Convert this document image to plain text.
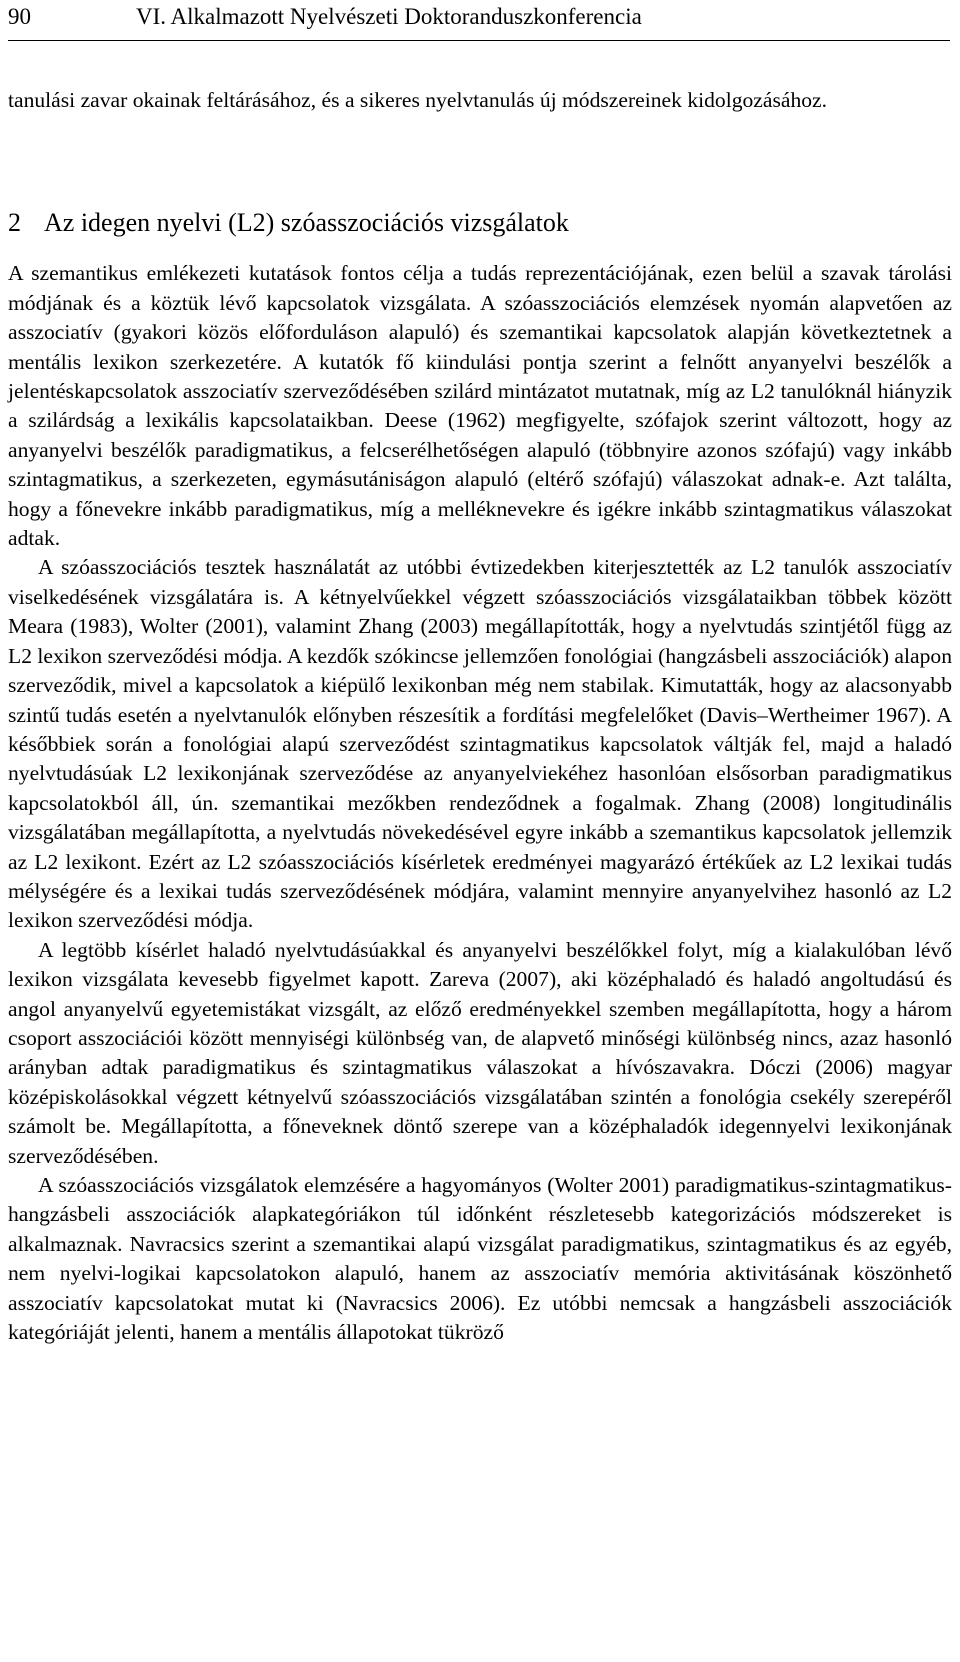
90	VI. Alkalmazott Nyelvészeti Doktoranduszkonferencia

tanulási zavar okainak feltárásához, és a sikeres nyelvtanulás új módszereinek kidolgozásához.

2 Az idegen nyelvi (L2) szóasszociációs vizsgálatok

A szemantikus emlékezeti kutatások fontos célja a tudás reprezentációjának, ezen belül a szavak tárolási módjának és a köztük lévő kapcsolatok vizsgálata. A szóasszociációs elemzések nyomán alapvetően az asszociatív (gyakori közös előforduláson alapuló) és szemantikai kapcsolatok alapján következtetnek a mentális lexikon szerkezetére. A kutatók fő kiindulási pontja szerint a felnőtt anyanyelvi beszélők a jelentéskapcsolatok asszociatív szerveződésében szilárd mintázatot mutatnak, míg az L2 tanulóknál hiányzik a szilárdság a lexikális kapcsolataikban. Deese (1962) megfigyelte, szófajok szerint változott, hogy az anyanyelvi beszélők paradigmatikus, a felcserélhetőségen alapuló (többnyire azonos szófajú) vagy inkább szintagmatikus, a szerkezeten, egymásutániságon alapuló (eltérő szófajú) válaszokat adnak-e. Azt találta, hogy a főnevekre inkább paradigmatikus, míg a melléknevekre és igékre inkább szintagmatikus válaszokat adtak.

A szóasszociációs tesztek használatát az utóbbi évtizedekben kiterjesztették az L2 tanulók asszociatív viselkedésének vizsgálatára is. A kétnyelvűekkel végzett szóasszociációs vizsgálataikban többek között Meara (1983), Wolter (2001), valamint Zhang (2003) megállapították, hogy a nyelvtudás szintjétől függ az L2 lexikon szerveződési módja. A kezdők szókincse jellemzően fonológiai (hangzásbeli asszociációk) alapon szerveződik, mivel a kapcsolatok a kiépülő lexikonban még nem stabilak. Kimutatták, hogy az alacsonyabb szintű tudás esetén a nyelvtanulók előnyben részesítik a fordítási megfelelőket (Davis–Wertheimer 1967). A későbbiek során a fonológiai alapú szerveződést szintagmatikus kapcsolatok váltják fel, majd a haladó nyelvtudásúak L2 lexikonjának szerveződése az anyanyelviekéhez hasonlóan elsősorban paradigmatikus kapcsolatokból áll, ún. szemantikai mezőkben rendeződnek a fogalmak. Zhang (2008) longitudinális vizsgálatában megállapította, a nyelvtudás növekedésével egyre inkább a szemantikus kapcsolatok jellemzik az L2 lexikont. Ezért az L2 szóasszociációs kísérletek eredményei magyarázó értékűek az L2 lexikai tudás mélységére és a lexikai tudás szerveződésének módjára, valamint mennyire anyanyelvihez hasonló az L2 lexikon szerveződési módja.

A legtöbb kísérlet haladó nyelvtudásúakkal és anyanyelvi beszélőkkel folyt, míg a kialakulóban lévő lexikon vizsgálata kevesebb figyelmet kapott. Zareva (2007), aki középhaladó és haladó angoltudású és angol anyanyelvű egyetemistákat vizsgált, az előző eredményekkel szemben megállapította, hogy a három csoport asszociációi között mennyiségi különbség van, de alapvető minőségi különbség nincs, azaz hasonló arányban adtak paradigmatikus és szintagmatikus válaszokat a hívószavakra. Dóczi (2006) magyar középiskolásokkal végzett kétnyelvű szóasszociációs vizsgálatában szintén a fonológia csekély szerepéről számolt be. Megállapította, a főneveknek döntő szerepe van a középhaladók idegennyelvi lexikonjának szerveződésében.

A szóasszociációs vizsgálatok elemzésére a hagyományos (Wolter 2001) paradigmatikus-szintagmatikus-hangzásbeli asszociációk alapkategóriákon túl időnként részletesebb kategorizációs módszereket is alkalmaznak. Navracsics szerint a szemantikai alapú vizsgálat paradigmatikus, szintagmatikus és az egyéb, nem nyelvi-logikai kapcsolatokon alapuló, hanem az asszociatív memória aktivitásának köszönhető asszociatív kapcsolatokat mutat ki (Navracsics 2006). Ez utóbbi nemcsak a hangzásbeli asszociációk kategóriáját jelenti, hanem a mentális állapotokat tükröző
